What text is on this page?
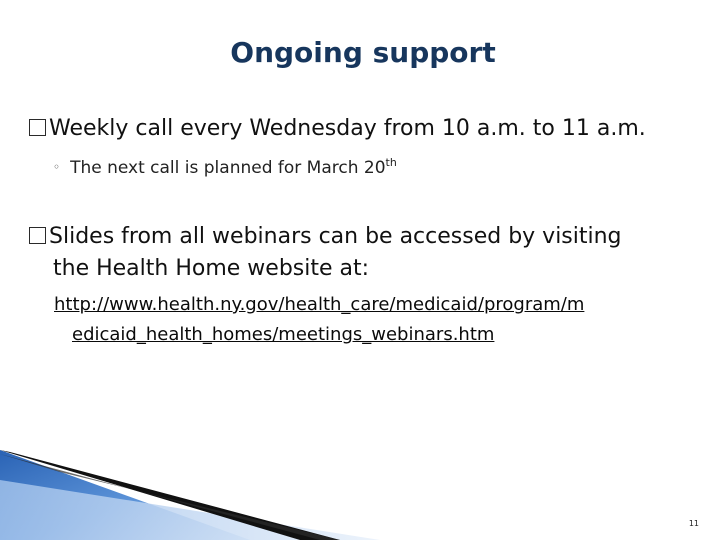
Ongoing support
Weekly call every Wednesday from 10 a.m. to 11 a.m.
◦ The next call is planned for March 20th
Slides from all webinars can be accessed by visiting
the Health Home website at:
http://www.health.ny.gov/health_care/medicaid/program/m
edicaid_health_homes/meetings_webinars.htm
11
